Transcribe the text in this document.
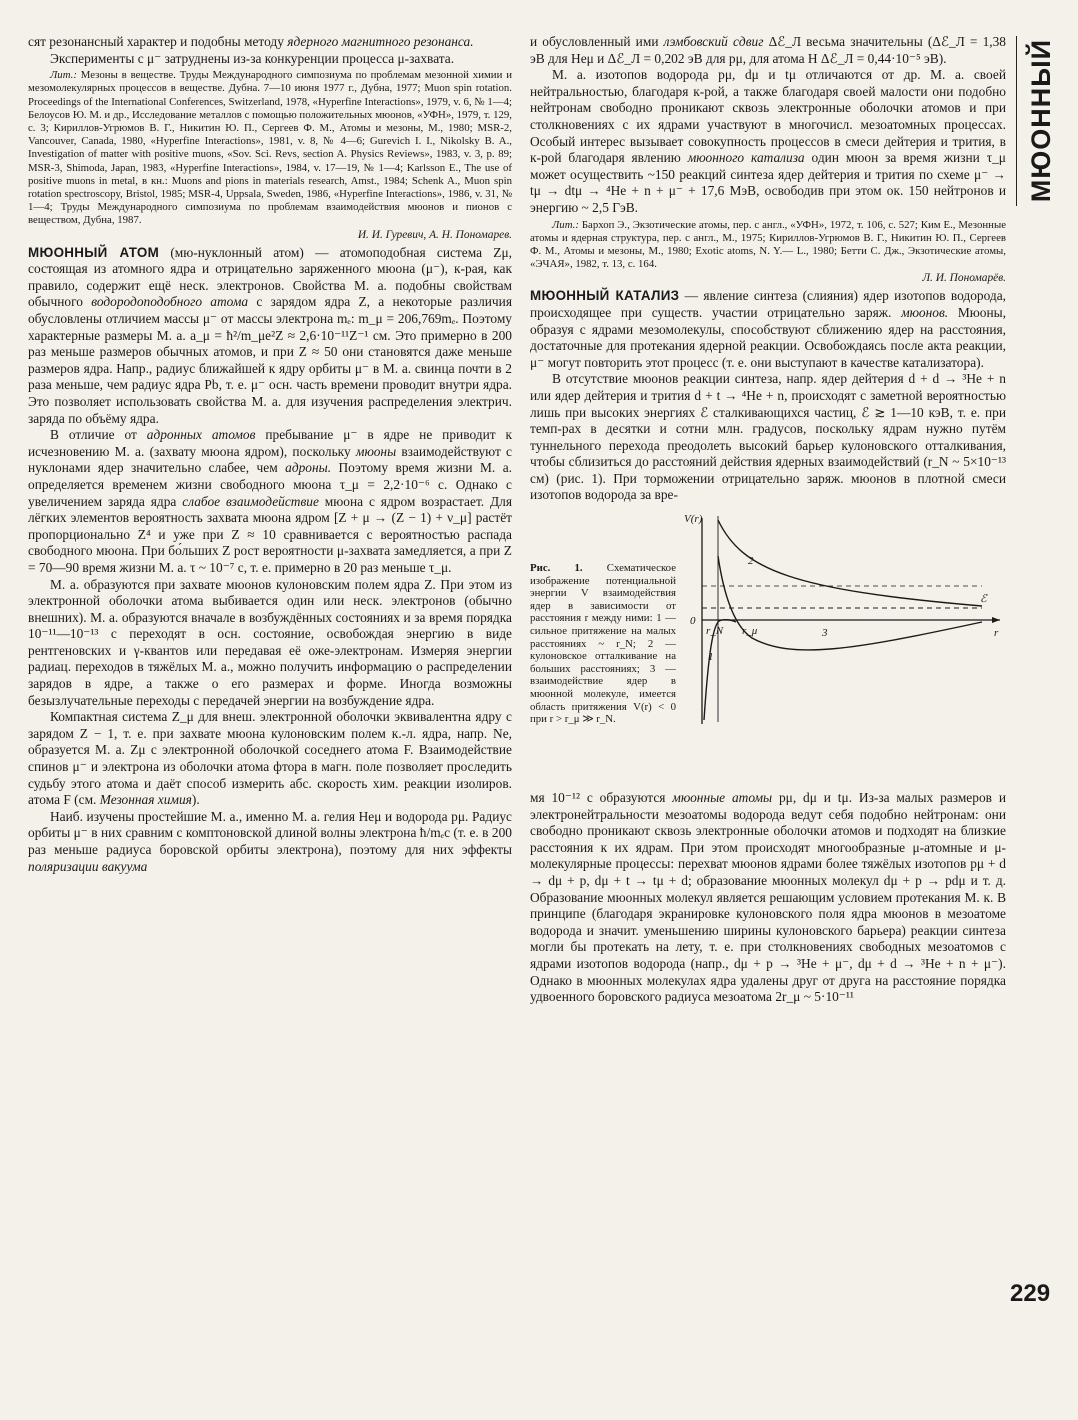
МЮОННЫЙ
229

сят резонансный характер и подобны методу ядерного магнитного резонанса.

Эксперименты с μ⁻ затруднены из-за конкуренции процесса μ-захвата.

Лит.: Мезоны в веществе. Труды Международного симпозиума по проблемам мезонной химии и мезомолекулярных процессов в веществе. Дубна. 7—10 июня 1977 г., Дубна, 1977; Muon spin rotation. Proceedings of the International Conferences, Switzerland, 1978, «Hyperfine Interactions», 1979, v. 6, № 1—4; Белоусов Ю. М. и др., Исследование металлов с помощью положительных мюонов, «УФН», 1979, т. 129, с. 3; Кириллов-Угрюмов В. Г., Никитин Ю. П., Сергеев Ф. М., Атомы и мезоны, М., 1980; MSR-2, Vancouver, Canada, 1980, «Hyperfine Interactions», 1981, v. 8, № 4—6; Gurevich I. I., Nikolsky B. A., Investigation of matter with positive muons, «Sov. Sci. Revs, section A. Physics Reviews», 1983, v. 3, p. 89; MSR-3, Shimoda, Japan, 1983, «Hyperfine Interactions», 1984, v. 17—19, № 1—4; Karlsson E., The use of positive muons in metal, в кн.: Muons and pions in materials research, Amst., 1984; Schenk A., Muon spin rotation spectroscopy, Bristol, 1985; MSR-4, Uppsala, Sweden, 1986, «Hyperfine Interactions», 1986, v. 31, № 1—4; Труды Международного симпозиума по проблемам взаимодействия мюонов и пионов с веществом, Дубна, 1987.

И. И. Гуревич, А. Н. Пономарев.

МЮОННЫЙ АТОМ (мю-нуклонный атом) — атомоподобная система Zμ, состоящая из атомного ядра и отрицательно заряженного мюона (μ⁻), к-рая, как правило, содержит ещё неск. электронов. Свойства М. а. подобны свойствам обычного водородоподобного атома с зарядом ядра Z, а некоторые различия обусловлены отличием массы μ⁻ от массы электрона mₑ: m_μ = 206,769mₑ. Поэтому характерные размеры М. а. a_μ = ħ²/m_μe²Z ≈ 2,6·10⁻¹¹Z⁻¹ см. Это примерно в 200 раз меньше размеров обычных атомов, и при Z ≈ 50 они становятся даже меньше размеров ядра. Напр., радиус ближайшей к ядру орбиты μ⁻ в М. а. свинца почти в 2 раза меньше, чем радиус ядра Pb, т. е. μ⁻ осн. часть времени проводит внутри ядра. Это позволяет использовать свойства М. а. для изучения распределения электрич. заряда по объёму ядра.

В отличие от адронных атомов пребывание μ⁻ в ядре не приводит к исчезновению М. а. (захвату мюона ядром), поскольку мюоны взаимодействуют с нуклонами ядер значительно слабее, чем адроны. Поэтому время жизни М. а. определяется временем жизни свободного мюона τ_μ = 2,2·10⁻⁶ с. Однако с увеличением заряда ядра слабое взаимодействие мюона с ядром возрастает. Для лёгких элементов вероятность захвата мюона ядром [Z + μ → (Z − 1) + ν_μ] растёт пропорционально Z⁴ и уже при Z ≈ 10 сравнивается с вероятностью распада свободного мюона. При бо́льших Z рост вероятности μ-захвата замедляется, а при Z = 70—90 время жизни М. а. τ ~ 10⁻⁷ с, т. е. примерно в 20 раз меньше τ_μ.

М. а. образуются при захвате мюонов кулоновским полем ядра Z. При этом из электронной оболочки атома выбивается один или неск. электронов (обычно внешних). М. а. образуются вначале в возбуждённых состояниях и за время порядка 10⁻¹¹—10⁻¹³ с переходят в осн. состояние, освобождая энергию в виде рентгеновских и γ-квантов или передавая её оже-электронам. Измеряя энергии радиац. переходов в тяжёлых М. а., можно получить информацию о распределении зарядов в ядре, а также о его размерах и форме. Иногда возможны безызлучательные переходы с передачей энергии на возбуждение ядра.

Компактная система Z_μ для внеш. электронной оболочки эквивалентна ядру с зарядом Z − 1, т. е. при захвате мюона кулоновским полем к.-л. ядра, напр. Ne, образуется М. а. Zμ с электронной оболочкой соседнего атома F. Взаимодействие спинов μ⁻ и электрона из оболочки атома фтора в магн. поле позволяет проследить судьбу этого атома и даёт способ измерить абс. скорость хим. реакции изолиров. атома F (см. Мезонная химия).

Наиб. изучены простейшие М. а., именно М. а. гелия Heμ и водорода pμ. Радиус орбиты μ⁻ в них сравним с комптоновской длиной волны электрона ħ/mₑc (т. е. в 200 раз меньше радиуса боровской орбиты электрона), поэтому для них эффекты поляризации вакуума

и обусловленный ими лэмбовский сдвиг Δℰ_Л весьма значительны (Δℰ_Л = 1,38 эВ для Heμ и Δℰ_Л = 0,202 эВ для pμ, для атома H Δℰ_Л = 0,44·10⁻⁵ эВ).

М. а. изотопов водорода pμ, dμ и tμ отличаются от др. М. а. своей нейтральностью, благодаря к-рой, а также благодаря своей малости они подобно нейтронам свободно проникают сквозь электронные оболочки атомов и при столкновениях с их ядрами участвуют в многочисл. мезоатомных процессах. Особый интерес вызывает совокупность процессов в смеси дейтерия и трития, в к-рой благодаря явлению мюонного катализа один мюон за время жизни τ_μ может осуществить ~150 реакций синтеза ядер дейтерия и трития по схеме μ⁻ → tμ → dtμ → ⁴He + n + μ⁻ + 17,6 МэВ, освободив при этом ок. 150 нейтронов и энергию ~ 2,5 ГэВ.

Лит.: Бархоп Э., Экзотические атомы, пер. с англ., «УФН», 1972, т. 106, с. 527; Ким Е., Мезонные атомы и ядерная структура, пер. с англ., М., 1975; Кириллов-Угрюмов В. Г., Никитин Ю. П., Сергеев Ф. М., Атомы и мезоны, М., 1980; Exotic atoms, N. Y.— L., 1980; Бетти С. Дж., Экзотические атомы, «ЭЧАЯ», 1982, т. 13, с. 164.

Л. И. Пономарёв.

МЮОННЫЙ КАТАЛИЗ — явление синтеза (слияния) ядер изотопов водорода, происходящее при существ. участии отрицательно заряж. мюонов. Мюоны, образуя с ядрами мезомолекулы, способствуют сближению ядер на расстояния, достаточные для протекания ядерной реакции. Освобождаясь после акта реакции, μ⁻ могут повторить этот процесс (т. е. они выступают в качестве катализатора).

В отсутствие мюонов реакции синтеза, напр. ядер дейтерия d + d → ³He + n или ядер дейтерия и трития d + t → ⁴He + n, происходят с заметной вероятностью лишь при высоких энергиях ℰ сталкивающихся частиц, ℰ ≳ 1—10 кэВ, т. е. при темп-рах в десятки и сотни млн. градусов, поскольку ядрам нужно путём туннельного перехода преодолеть высокий барьер кулоновского отталкивания, чтобы сблизиться до расстояний действия ядерных взаимодействий (r_N ~ 5×10⁻¹³ см) (рис. 1). При торможении отрицательно заряж. мюонов в плотной смеси изотопов водорода за вре-

Рис. 1. Схематическое изображение потенциальной энергии V взаимодействия ядер в зависимости от расстояния r между ними: 1 — сильное притяжение на малых расстояниях ~ r_N; 2 — кулоновское отталкивание на больших расстояниях; 3 — взаимодействие ядер в мюонной молекуле, имеется область притяжения V(r) < 0 при r > r_μ ≫ r_N.
V(r)
r
ℰ
0
r_N r_μ
1
2
3

мя 10⁻¹² с образуются мюонные атомы pμ, dμ и tμ. Из-за малых размеров и электронейтральности мезоатомы водорода ведут себя подобно нейтронам: они свободно проникают сквозь электронные оболочки атомов и подходят на близкие расстояния к их ядрам. При этом происходят многообразные μ-атомные и μ-молекулярные процессы: перехват мюонов ядрами более тяжёлых изотопов pμ + d → dμ + p, dμ + t → tμ + d; образование мюонных молекул dμ + p → pdμ и т. д. Образование мюонных молекул является решающим условием протекания М. к. В принципе (благодаря экранировке кулоновского поля ядра мюонов в мезоатоме водорода и значит. уменьшению ширины кулоновского барьера) реакции синтеза могли бы протекать на лету, т. е. при столкновениях свободных мезоатомов с ядрами изотопов водорода (напр., dμ + p → ³He + μ⁻, dμ + d → ³He + n + μ⁻). Однако в мюонных молекулах ядра удалены друг от друга на расстояние порядка удвоенного боровского радиуса мезоатома 2r_μ ~ 5·10⁻¹¹
